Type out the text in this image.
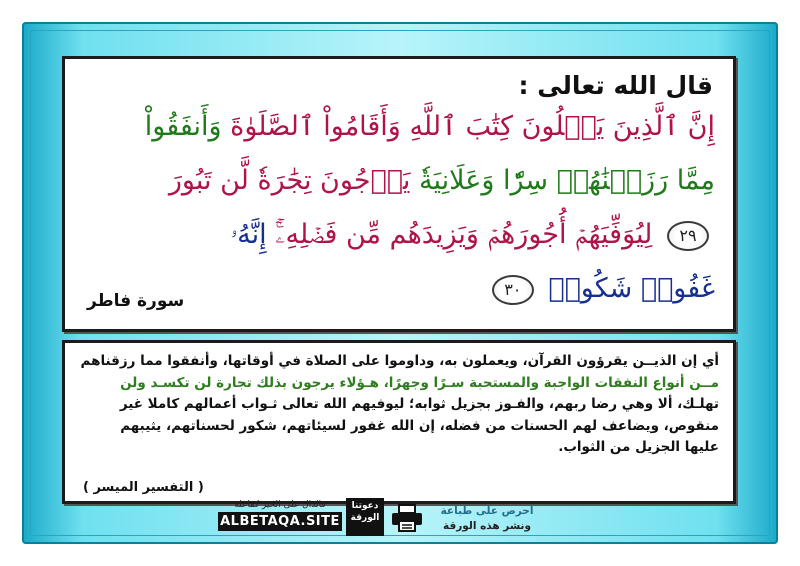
قال الله تعالى :
إِنَّ ٱلَّذِينَ يَتۡلُونَ كِتَٰبَ ٱللَّهِ وَأَقَامُواْ ٱلصَّلَوٰةَ وَأَنفَقُواْ
مِمَّا رَزَقۡنَٰهُمۡ سِرّٗا وَعَلَانِيَةٗ يَرۡجُونَ تِجَٰرَةٗ لَّن تَبُورَ
٢٩ لِيُوَفِّيَهُمۡ أُجُورَهُمۡ وَيَزِيدَهُم مِّن فَضۡلِهِۦٓۚ إِنَّهُۥ
غَفُورٞ شَكُورٞ ٣٠
سورة فاطر
أي إن الذيــن يقرؤون القرآن، ويعملون به، وداوموا على الصلاة في أوقاتها، وأنفقوا مما رزقناهم
مــن أنواع النفقات الواجبة والمستحبة سـرًا وجهرًا، هـؤلاء يرجون بذلك تجارة لن تكسـد ولن
تهلـك، ألا وهي رضا ربهم، والفـوز بجزيل ثوابه؛ ليوفيهم الله تعالى ثـواب أعمالهم كاملا غير
منقوص، ويضاعف لهم الحسنات من فضله، إن الله غفور لسيئاتهم، شكور لحسناتهم، يثيبهم
عليها الجزيل من الثواب.
( التفسير الميسر )
احرص على طباعة
ونشر هذه الورقة
دعوتنا الورقة
فالدال على الخير كفاعله
ALBETAQA.SITE
